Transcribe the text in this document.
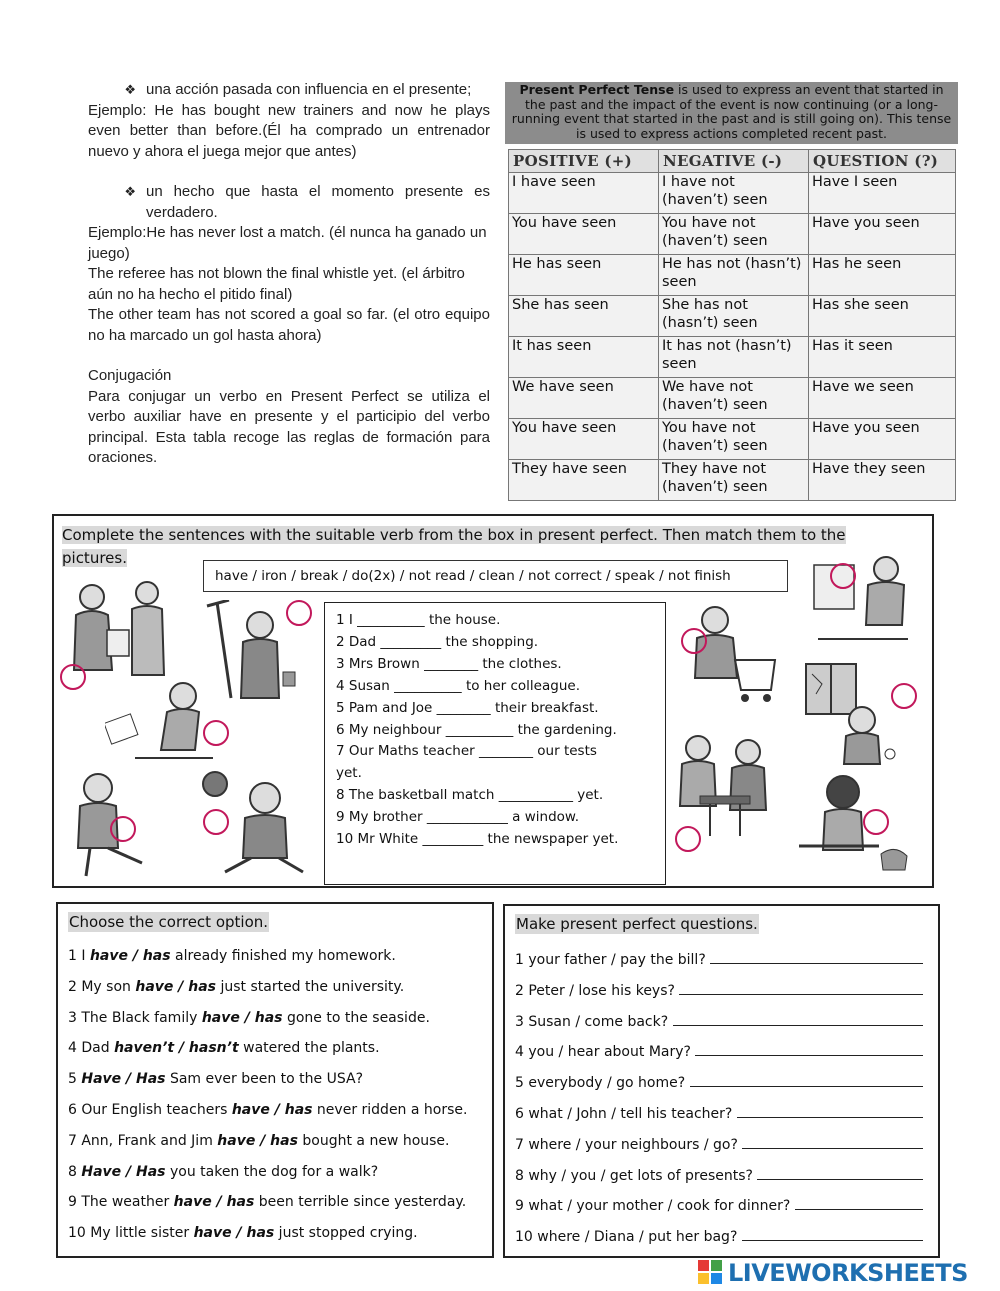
❖ una acción pasada con influencia en el presente;

Ejemplo: He has bought new trainers and now he plays even better than before.(Él ha comprado un entrenador nuevo y ahora el juega mejor que antes)

❖ un hecho que hasta el momento presente es verdadero.

Ejemplo:He has never lost a match. (él nunca ha ganado un juego)

The referee has not blown the final whistle yet. (el árbitro aún no ha hecho el pitido final)

The other team has not scored a goal so far. (el otro equipo no ha marcado un gol hasta ahora)

Conjugación

Para conjugar un verbo en Present Perfect se utiliza el verbo auxiliar have en presente y el participio del verbo principal. Esta tabla recoge las reglas de formación para oraciones.

Present Perfect Tense is used to express an event that started in the past and the impact of the event is now continuing (or a long-running event that started in the past and is still going on). This tense is used to express actions completed recent past.
POSITIVE (+)	NEGATIVE (-)	QUESTION (?)
I have seen	I have not (haven’t) seen	Have I seen
You have seen	You have not (haven’t) seen	Have you seen
He has seen	He has not (hasn’t) seen	Has he seen
She has seen	She has not (hasn’t) seen	Has she seen
It has seen	It has not (hasn’t) seen	Has it seen
We have seen	We have not (haven’t) seen	Have we seen
You have seen	You have not (haven’t) seen	Have you seen
They have seen	They have not (haven’t) seen	Have they seen
Complete the sentences with the suitable verb from the box in present perfect. Then match them to the pictures.
have / iron / break / do(2x) / not read / clean / not correct / speak / not finish
1 I __________ the house.
2 Dad _________ the shopping.
3 Mrs Brown ________ the clothes.
4 Susan __________ to her colleague.
5 Pam and Joe ________ their breakfast.
6 My neighbour __________ the gardening.
7 Our Maths teacher ________ our tests
yet.
8 The basketball match ___________ yet.
9 My brother ____________ a window.
10 Mr White _________ the newspaper yet.
Choose the correct option.
1 I have / has already finished my homework.
2 My son have / has just started the university.
3 The Black family have / has gone to the seaside.
4 Dad haven’t / hasn’t watered the plants.
5 Have / Has Sam ever been to the USA?
6 Our English teachers have / has never ridden a horse.
7 Ann, Frank and Jim have / has bought a new house.
8 Have / Has you taken the dog for a walk?
9 The weather have / has been terrible since yesterday.
10 My little sister have / has just stopped crying.
Make present perfect questions.
1 your father / pay the bill?
2 Peter / lose his keys?
3 Susan / come back?
4 you / hear about Mary?
5 everybody / go home?
6 what / John / tell his teacher?
7 where / your neighbours / go?
8 why / you / get lots of presents?
9 what / your mother / cook for dinner?
10 where / Diana / put her bag?
LIVEWORKSHEETS
